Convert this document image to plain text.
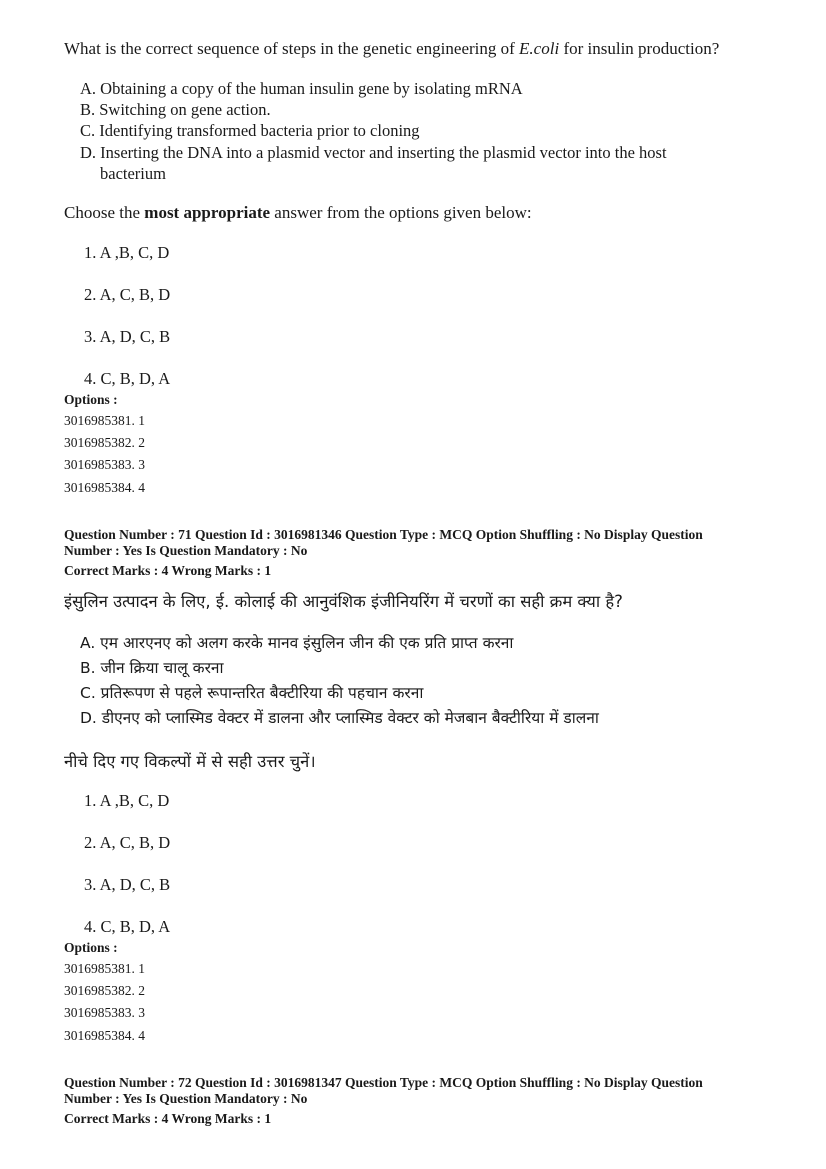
What is the correct sequence of steps in the genetic engineering of E.coli for insulin production?
A. Obtaining a copy of the human insulin gene by isolating mRNA
B. Switching on gene action.
C. Identifying transformed bacteria prior to cloning
D. Inserting the DNA into a plasmid vector and inserting the plasmid vector into the host
bacterium
Choose the most appropriate answer from the options given below:
1. A ,B, C, D
2. A, C, B, D
3. A, D, C, B
4. C, B, D, A
Options :
3016985381. 1
3016985382. 2
3016985383. 3
3016985384. 4
Question Number : 71 Question Id : 3016981346 Question Type : MCQ Option Shuffling : No Display Question
Number : Yes Is Question Mandatory : No
Correct Marks : 4 Wrong Marks : 1
इंसुलिन उत्पादन के लिए, ई. कोलाई की आनुवंशिक इंजीनियरिंग में चरणों का सही क्रम क्या है?
A. एम आरएनए को अलग करके मानव इंसुलिन जीन की एक प्रति प्राप्त करना
B. जीन क्रिया चालू करना
C. प्रतिरूपण से पहले रूपान्तरित बैक्टीरिया की पहचान करना
D. डीएनए को प्लास्मिड वेक्टर में डालना और प्लास्मिड वेक्टर को मेजबान बैक्टीरिया में डालना
नीचे दिए गए विकल्पों में से सही उत्तर चुनें।
1. A ,B, C, D
2. A, C, B, D
3. A, D, C, B
4. C, B, D, A
Options :
3016985381. 1
3016985382. 2
3016985383. 3
3016985384. 4
Question Number : 72 Question Id : 3016981347 Question Type : MCQ Option Shuffling : No Display Question
Number : Yes Is Question Mandatory : No
Correct Marks : 4 Wrong Marks : 1
